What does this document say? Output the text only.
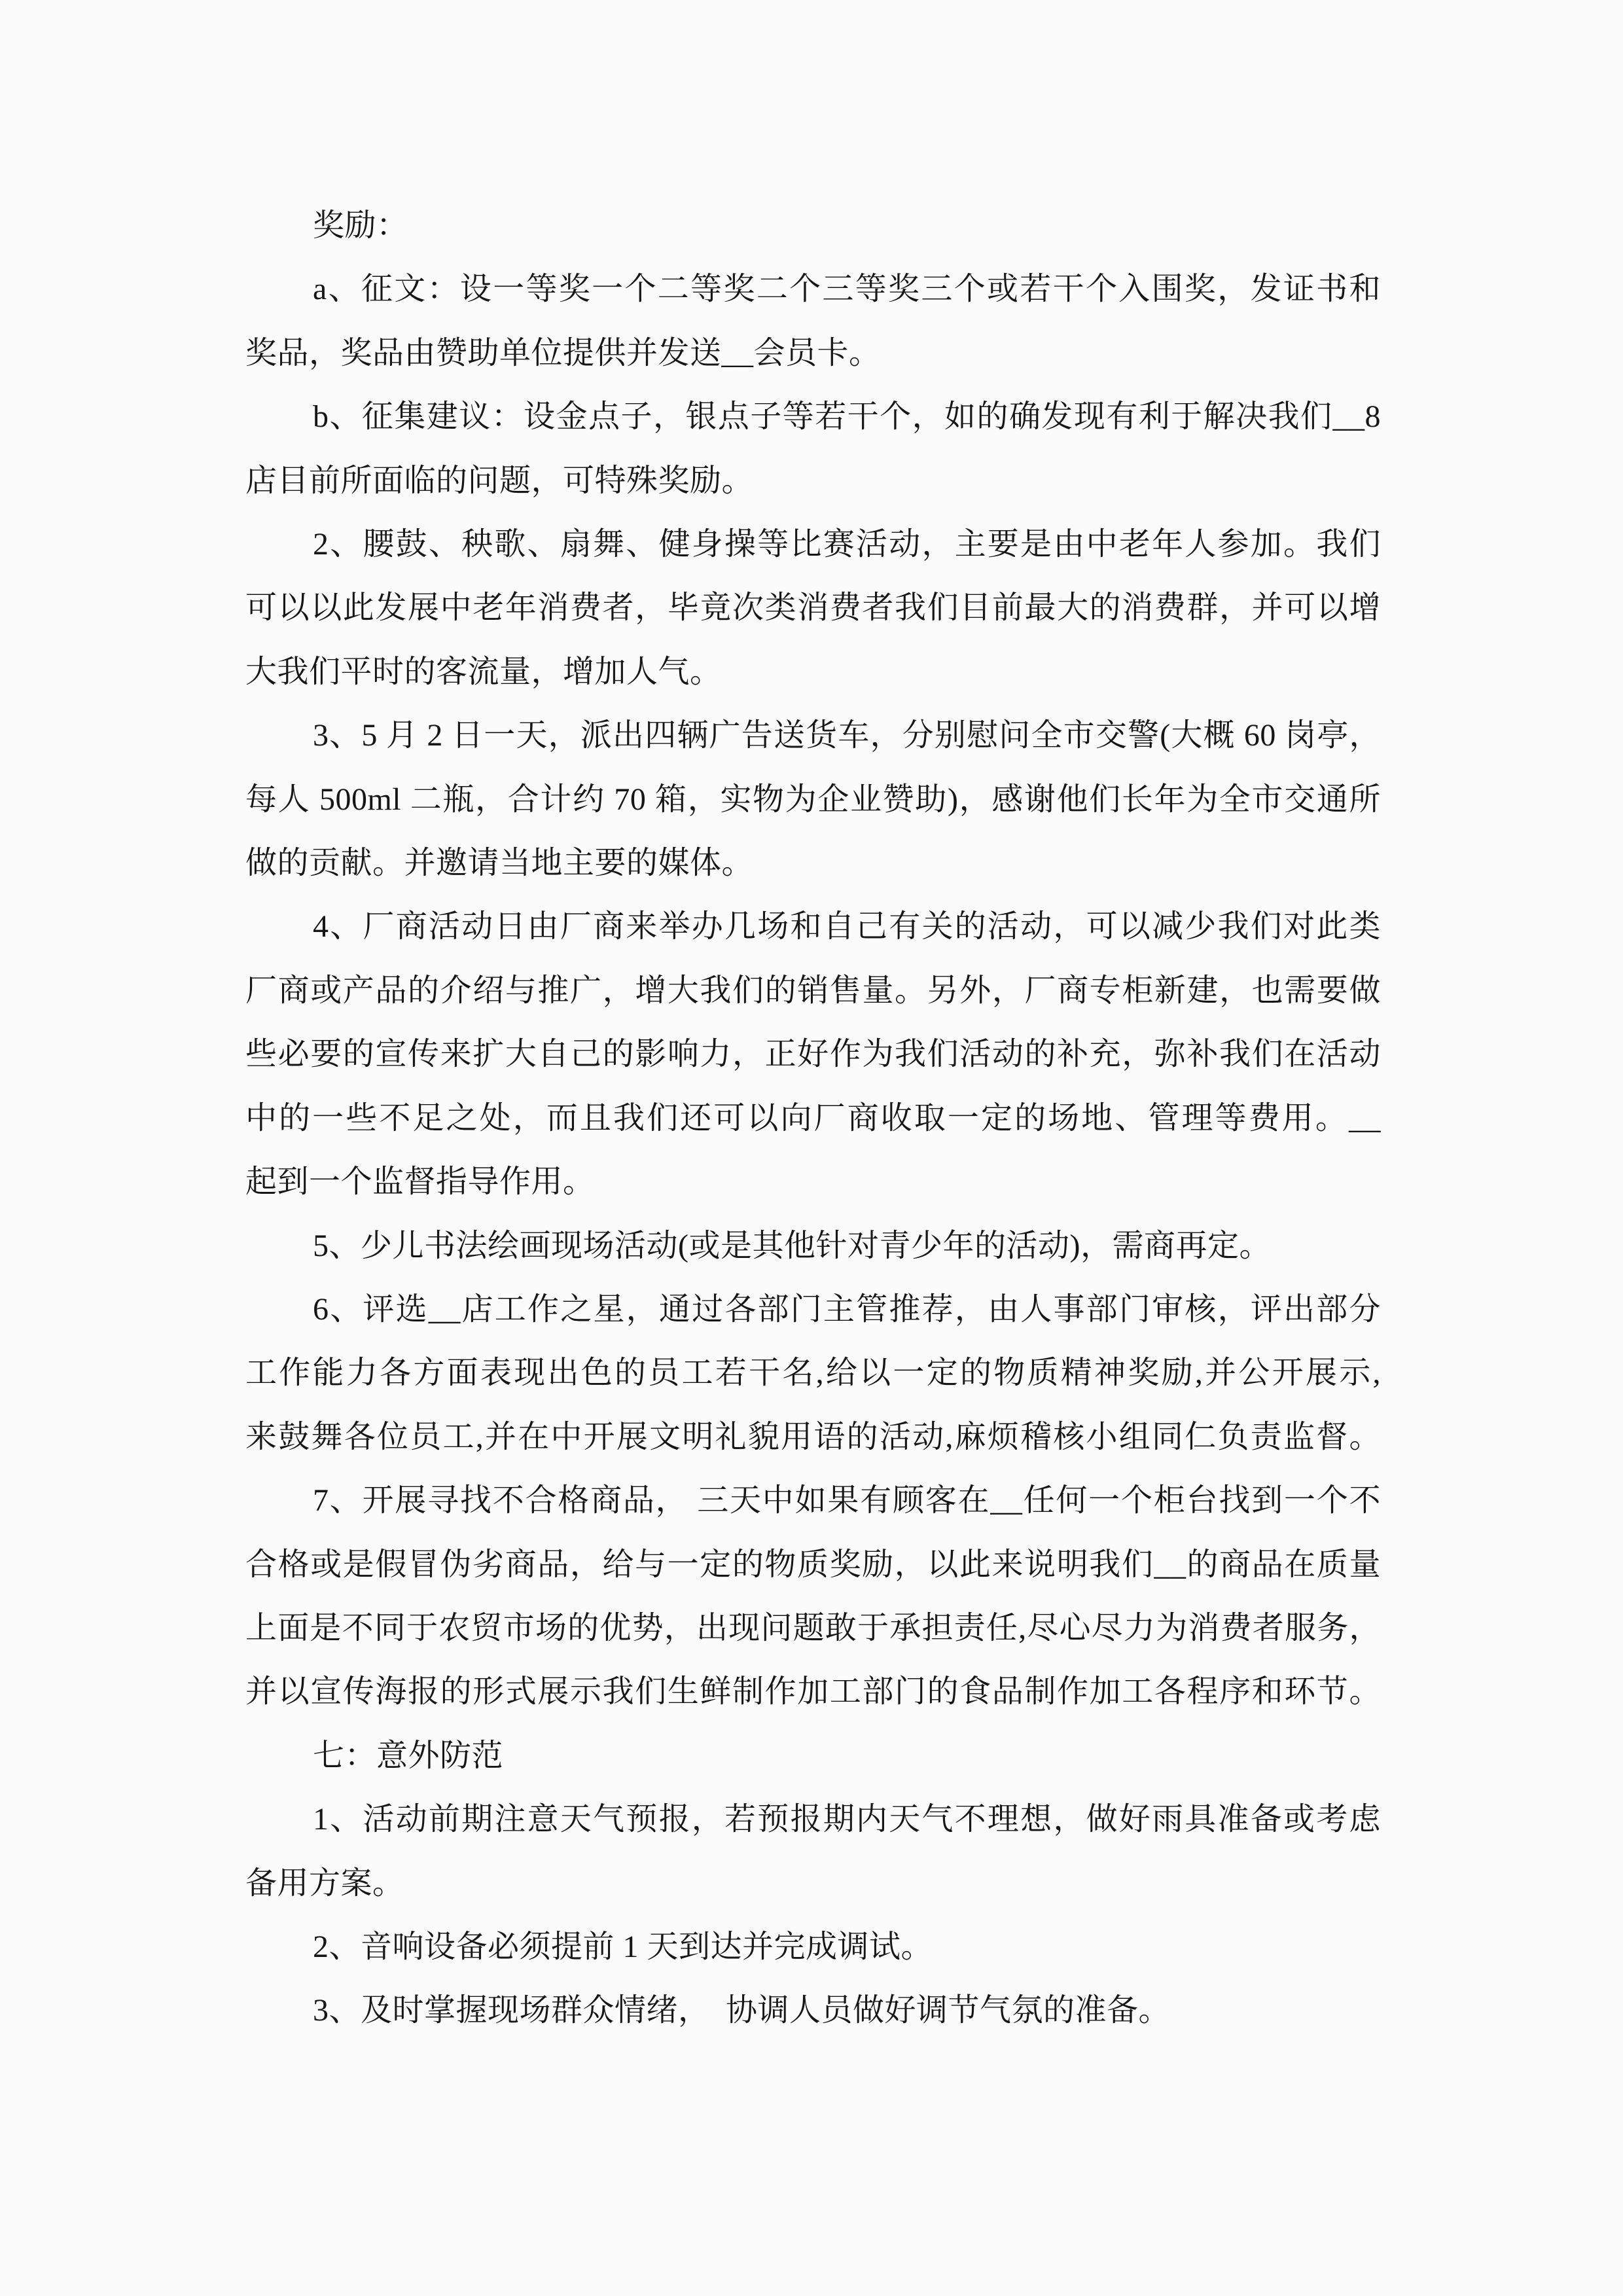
奖励：
a、征文：设一等奖一个二等奖二个三等奖三个或若干个入围奖，发证书和
奖品，奖品由赞助单位提供并发送__会员卡。
b、征集建议：设金点子，银点子等若干个，如的确发现有利于解决我们__8
店目前所面临的问题，可特殊奖励。
2、腰鼓、秧歌、扇舞、健身操等比赛活动，主要是由中老年人参加。我们
可以以此发展中老年消费者，毕竟次类消费者我们目前最大的消费群，并可以增
大我们平时的客流量，增加人气。
3、5 月 2 日一天，派出四辆广告送货车，分别慰问全市交警(大概 60 岗亭，
每人 500ml 二瓶，合计约 70 箱，实物为企业赞助)，感谢他们长年为全市交通所
做的贡献。并邀请当地主要的媒体。
4、厂商活动日由厂商来举办几场和自己有关的活动，可以减少我们对此类
厂商或产品的介绍与推广，增大我们的销售量。另外，厂商专柜新建，也需要做
些必要的宣传来扩大自己的影响力，正好作为我们活动的补充，弥补我们在活动
中的一些不足之处，而且我们还可以向厂商收取一定的场地、管理等费用。__
起到一个监督指导作用。
5、少儿书法绘画现场活动(或是其他针对青少年的活动)，需商再定。
6、评选__店工作之星，通过各部门主管推荐，由人事部门审核，评出部分
工作能力各方面表现出色的员工若干名,给以一定的物质精神奖励,并公开展示,
来鼓舞各位员工,并在中开展文明礼貌用语的活动,麻烦稽核小组同仁负责监督。
7、开展寻找不合格商品， 三天中如果有顾客在__任何一个柜台找到一个不
合格或是假冒伪劣商品，给与一定的物质奖励，以此来说明我们__的商品在质量
上面是不同于农贸市场的优势，出现问题敢于承担责任,尽心尽力为消费者服务，
并以宣传海报的形式展示我们生鲜制作加工部门的食品制作加工各程序和环节。
七：意外防范
1、活动前期注意天气预报，若预报期内天气不理想，做好雨具准备或考虑
备用方案。
2、音响设备必须提前 1 天到达并完成调试。
3、及时掌握现场群众情绪，　协调人员做好调节气氛的准备。
